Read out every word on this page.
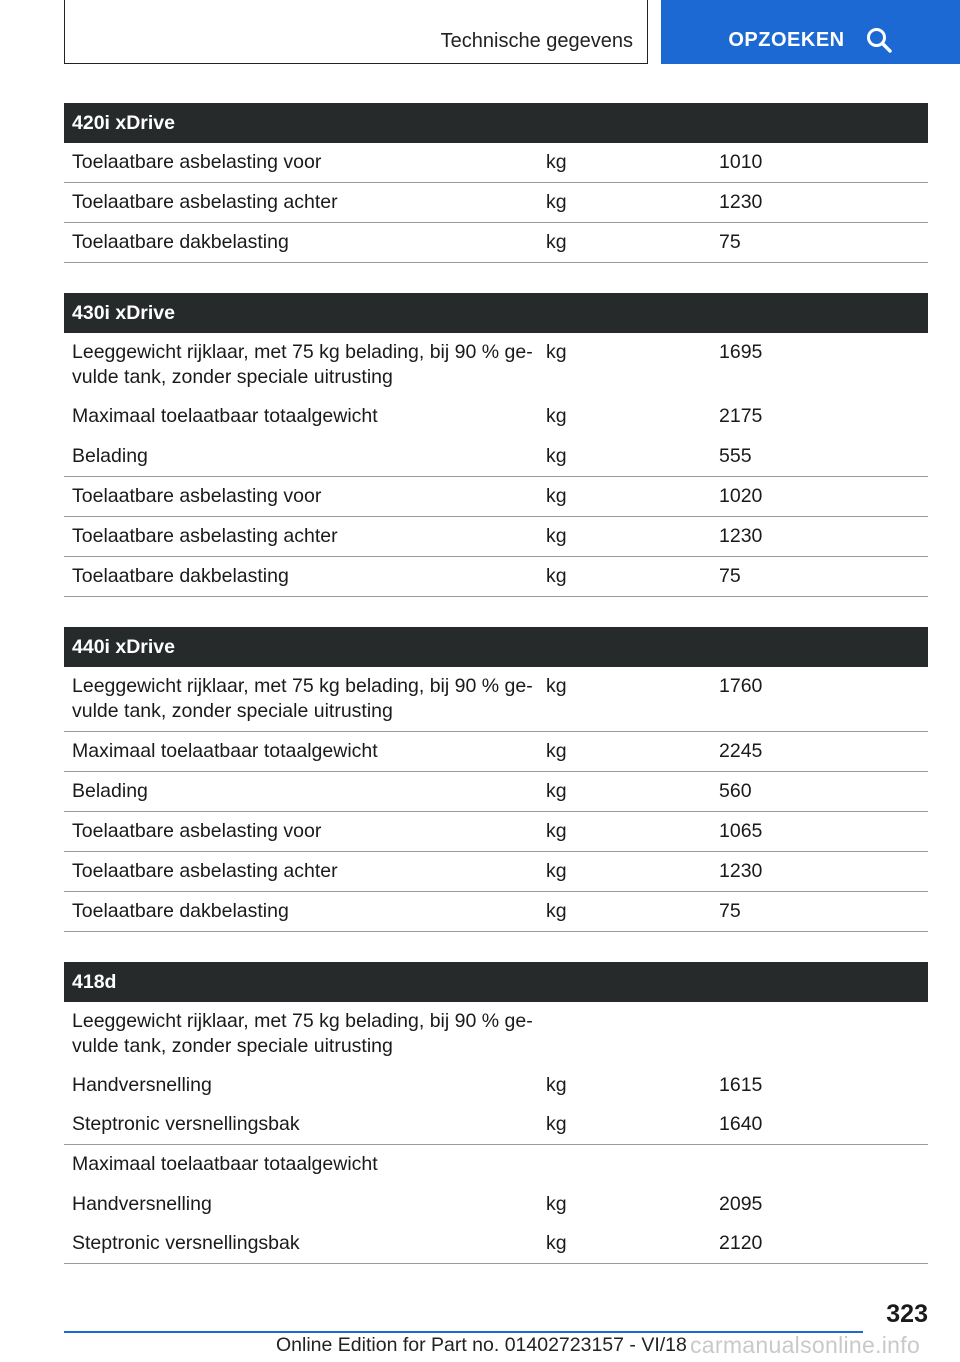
Technische gegevens	OPZOEKEN
420i xDrive
Toelaatbare asbelasting voor	kg	1010
Toelaatbare asbelasting achter	kg	1230
Toelaatbare dakbelasting	kg	75
430i xDrive
Leeggewicht rijklaar, met 75 kg belading, bij 90 % ge-
vulde tank, zonder speciale uitrusting
kg	1695
Maximaal toelaatbaar totaalgewicht	kg	2175
Belading	kg	555
Toelaatbare asbelasting voor	kg	1020
Toelaatbare asbelasting achter	kg	1230
Toelaatbare dakbelasting	kg	75
440i xDrive
Leeggewicht rijklaar, met 75 kg belading, bij 90 % ge-
vulde tank, zonder speciale uitrusting
kg	1760
Maximaal toelaatbaar totaalgewicht	kg	2245
Belading	kg	560
Toelaatbare asbelasting voor	kg	1065
Toelaatbare asbelasting achter	kg	1230
Toelaatbare dakbelasting	kg	75
418d
Leeggewicht rijklaar, met 75 kg belading, bij 90 % ge-
vulde tank, zonder speciale uitrusting
Handversnelling	kg	1615
Steptronic versnellingsbak	kg	1640
Maximaal toelaatbaar totaalgewicht
Handversnelling	kg	2095
Steptronic versnellingsbak	kg	2120
323
Online Edition for Part no. 01402723157 - VI/18 carmanualsonline.info
